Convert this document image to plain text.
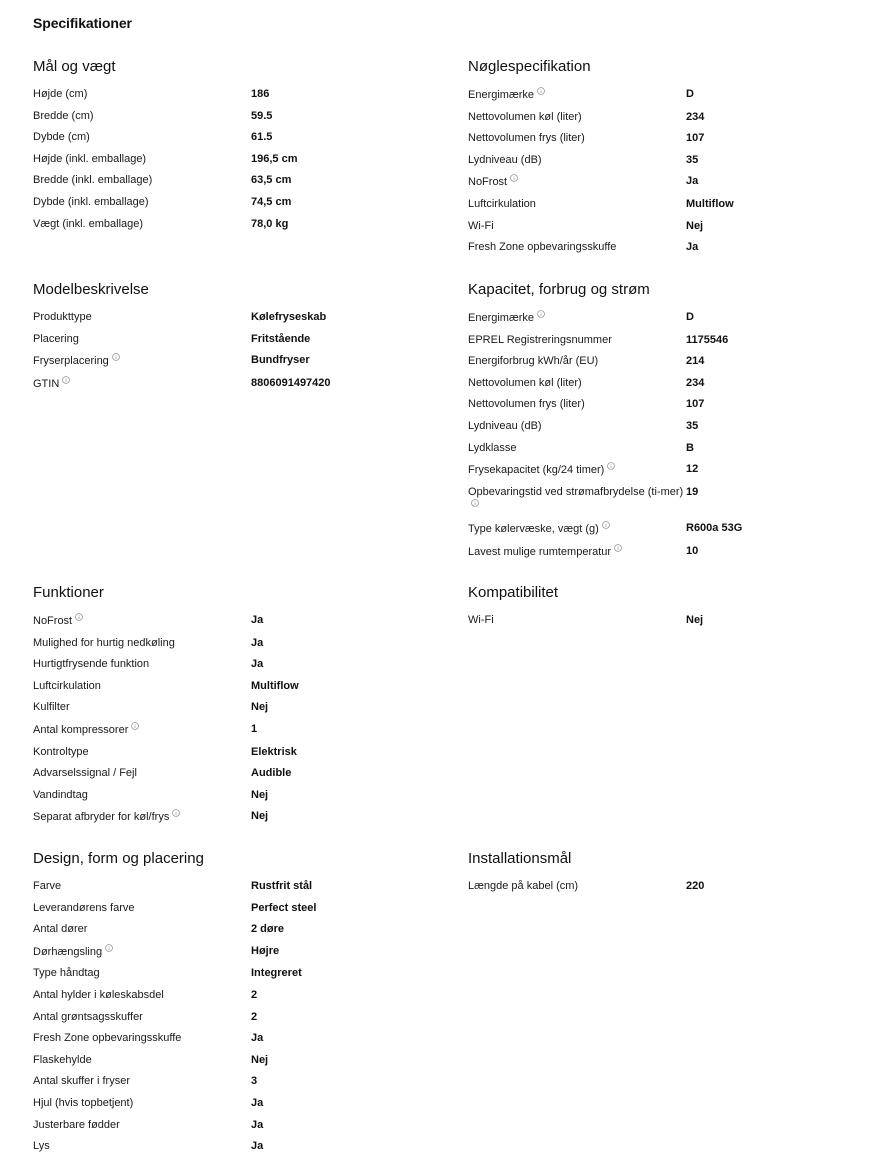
Specifikationer
Mål og vægt
Højde (cm)	186
Bredde (cm)	59.5
Dybde (cm)	61.5
Højde (inkl. emballage)	196,5 cm
Bredde (inkl. emballage)	63,5 cm
Dybde (inkl. emballage)	74,5 cm
Vægt (inkl. emballage)	78,0 kg
Nøglespecifikation
Energimærke	D
Nettovolumen køl (liter)	234
Nettovolumen frys (liter)	107
Lydniveau (dB)	35
NoFrost	Ja
Luftcirkulation	Multiflow
Wi-Fi	Nej
Fresh Zone opbevaringsskuffe	Ja
Modelbeskrivelse
Produkttype	Kølefryseskab
Placering	Fritstående
Fryserplacering	Bundfryser
GTIN	8806091497420
Kapacitet, forbrug og strøm
Energimærke	D
EPREL Registreringsnummer	1175546
Energiforbrug kWh/år (EU)	214
Nettovolumen køl (liter)	234
Nettovolumen frys (liter)	107
Lydniveau (dB)	35
Lydklasse	B
Frysekapacitet (kg/24 timer)	12
Opbevaringstid ved strømafbrydelse (ti-mer) 19
Type kølervæske, vægt (g)	R600a 53G
Lavest mulige rumtemperatur	10
Funktioner
NoFrost	Ja
Mulighed for hurtig nedkøling	Ja
Hurtigtfrysende funktion	Ja
Luftcirkulation	Multiflow
Kulfilter	Nej
Antal kompressorer	1
Kontroltype	Elektrisk
Advarselssignal / Fejl	Audible
Vandindtag	Nej
Separat afbryder for køl/frys	Nej
Kompatibilitet
Wi-Fi	Nej
Design, form og placering
Farve	Rustfrit stål
Leverandørens farve	Perfect steel
Antal dører	2 døre
Dørhængsling	Højre
Type håndtag	Integreret
Antal hylder i køleskabsdel	2
Antal grøntsagsskuffer	2
Fresh Zone opbevaringsskuffe	Ja
Flaskehylde	Nej
Antal skuffer i fryser	3
Hjul (hvis topbetjent)	Ja
Justerbare fødder	Ja
Lys	Ja
Installationsmål
Længde på kabel (cm)	220
